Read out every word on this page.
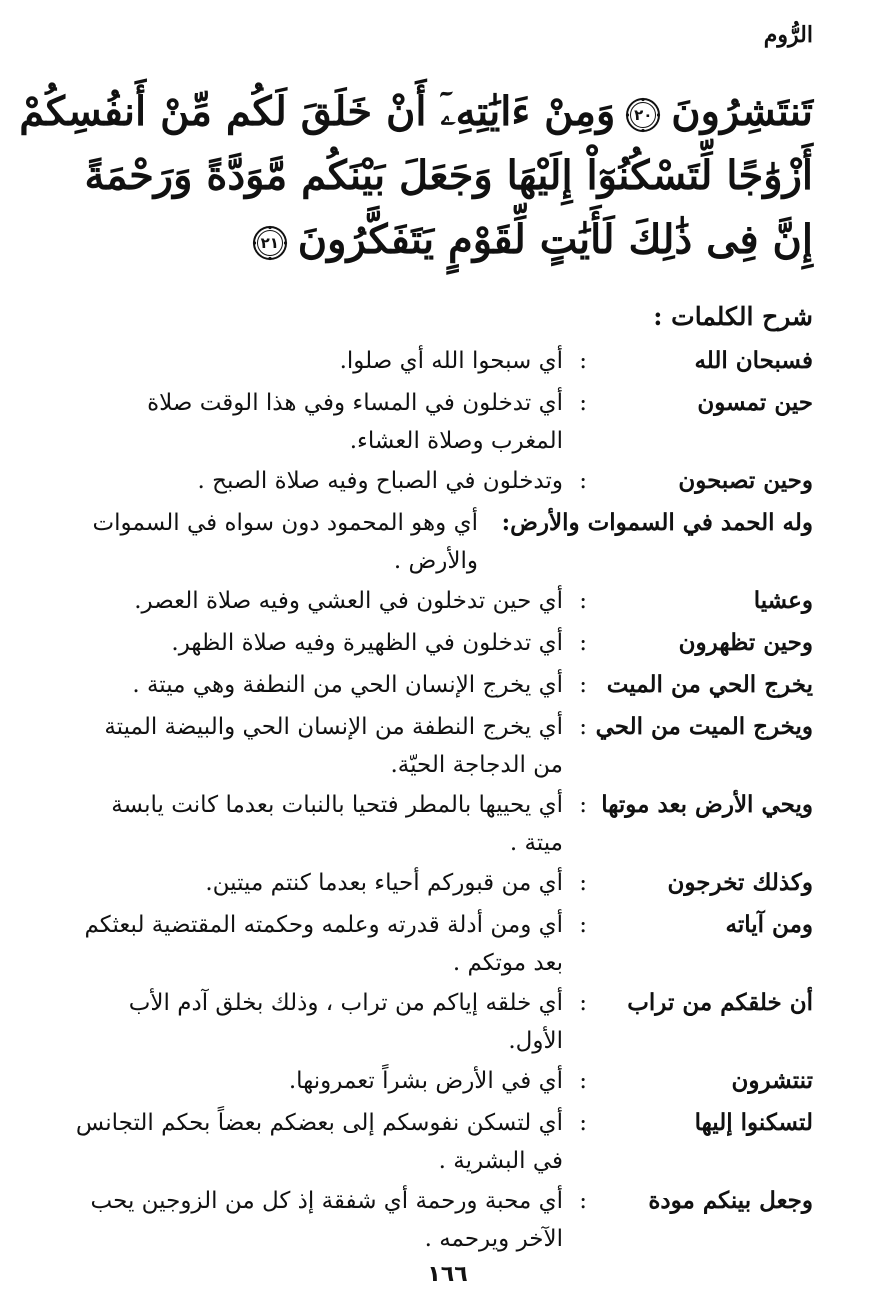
الرُّوم
تَنتَشِرُونَ
٢٠
وَمِنْ ءَايَٰتِهِۦٓ أَنْ خَلَقَ لَكُم مِّنْ أَنفُسِكُمْ
أَزْوَٰجًا لِّتَسْكُنُوٓاْ إِلَيْهَا وَجَعَلَ بَيْنَكُم مَّوَدَّةً وَرَحْمَةً
إِنَّ فِى ذَٰلِكَ لَأَيَٰتٍ لِّقَوْمٍ يَتَفَكَّرُونَ
٢١
شرح الكلمات :
فسبحان الله
:
أي سبحوا الله أي صلوا.
حين تمسون
:
أي تدخلون في المساء وفي هذا الوقت صلاة المغرب وصلاة العشاء.
وحين تصبحون
:
وتدخلون في الصباح وفيه صلاة الصبح .
وله الحمد في السموات والأرض:
أي وهو المحمود دون سواه في السموات والأرض .
وعشيا
:
أي حين تدخلون في العشي وفيه صلاة العصر.
وحين تظهرون
:
أي تدخلون في الظهيرة وفيه صلاة الظهر.
يخرج الحي من الميت
:
أي يخرج الإنسان الحي من النطفة وهي ميتة .
ويخرج الميت من الحي
:
أي يخرج النطفة من الإنسان الحي والبيضة الميتة من الدجاجة الحيّة.
ويحي الأرض بعد موتها
:
أي يحييها بالمطر فتحيا بالنبات بعدما كانت يابسة ميتة .
وكذلك تخرجون
:
أي من قبوركم أحياء بعدما كنتم ميتين.
ومن آياته
:
أي ومن أدلة قدرته وعلمه وحكمته المقتضية لبعثكم بعد موتكم .
أن خلقكم من تراب
:
أي خلقه إياكم من تراب ، وذلك بخلق آدم الأب الأول.
تنتشرون
:
أي في الأرض بشراً تعمرونها.
لتسكنوا إليها
:
أي لتسكن نفوسكم إلى بعضكم بعضاً بحكم التجانس في البشرية .
وجعل بينكم مودة
:
أي محبة ورحمة أي شفقة إذ كل من الزوجين يحب الآخر ويرحمه .
١٦٦
